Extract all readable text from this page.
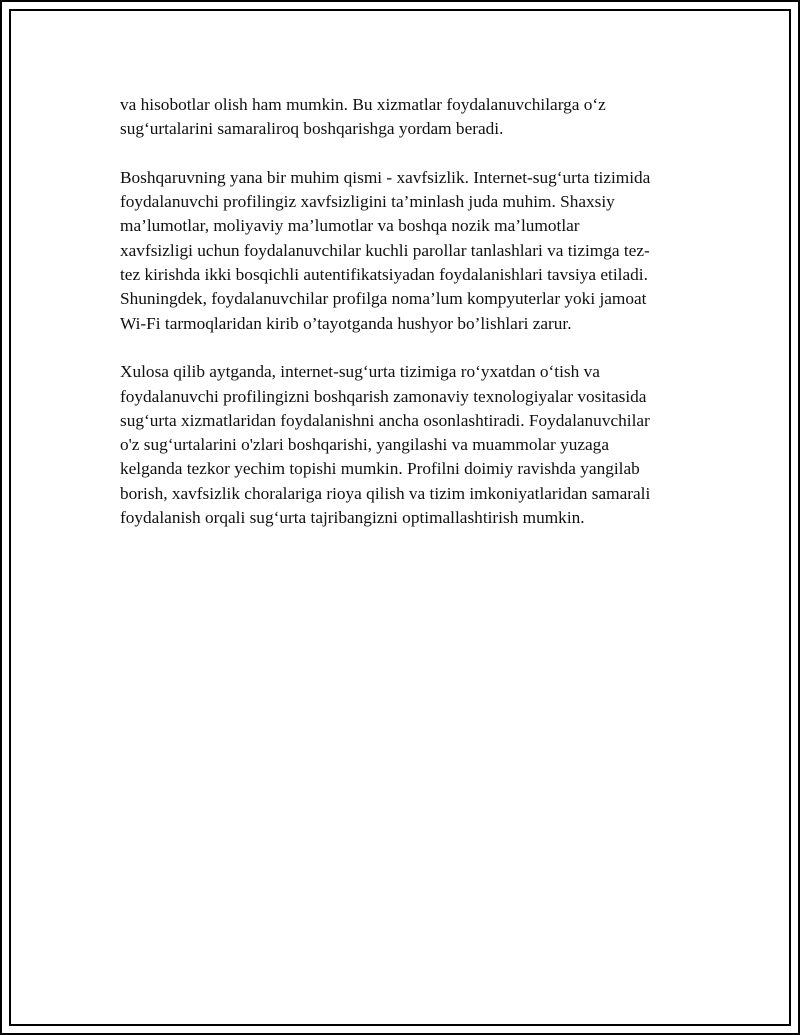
va hisobotlar olish ham mumkin. Bu xizmatlar foydalanuvchilarga o‘z
sug‘urtalarini samaraliroq boshqarishga yordam beradi.

Boshqaruvning yana bir muhim qismi - xavfsizlik. Internet-sug‘urta tizimida
foydalanuvchi profilingiz xavfsizligini ta’minlash juda muhim. Shaxsiy
ma’lumotlar, moliyaviy ma’lumotlar va boshqa nozik ma’lumotlar
xavfsizligi uchun foydalanuvchilar kuchli parollar tanlashlari va tizimga tez-
tez kirishda ikki bosqichli autentifikatsiyadan foydalanishlari tavsiya etiladi.
Shuningdek, foydalanuvchilar profilga noma’lum kompyuterlar yoki jamoat
Wi-Fi tarmoqlaridan kirib o’tayotganda hushyor bo’lishlari zarur.

Xulosa qilib aytganda, internet-sug‘urta tizimiga ro‘yxatdan o‘tish va
foydalanuvchi profilingizni boshqarish zamonaviy texnologiyalar vositasida
sug‘urta xizmatlaridan foydalanishni ancha osonlashtiradi. Foydalanuvchilar
o'z sug‘urtalarini o'zlari boshqarishi, yangilashi va muammolar yuzaga
kelganda tezkor yechim topishi mumkin. Profilni doimiy ravishda yangilab
borish, xavfsizlik choralariga rioya qilish va tizim imkoniyatlaridan samarali
foydalanish orqali sug‘urta tajribangizni optimallashtirish mumkin.
